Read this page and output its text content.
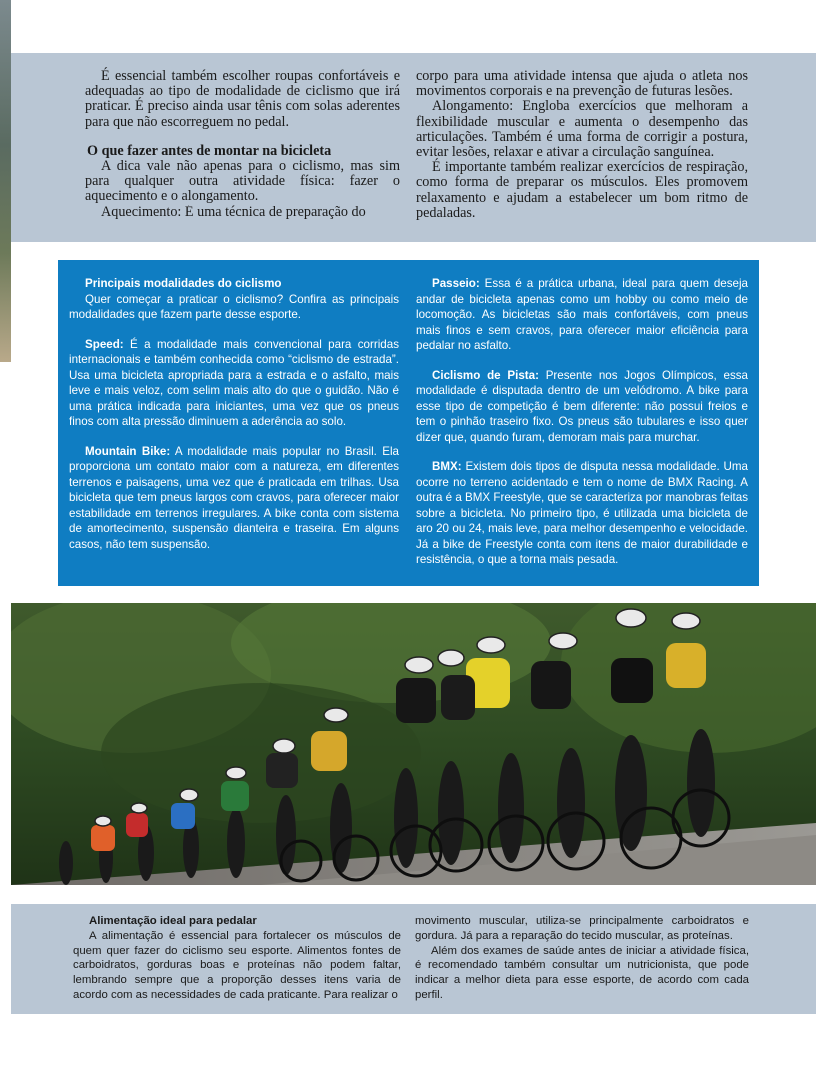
É essencial também escolher roupas confortáveis e adequadas ao tipo de modalidade de ciclismo que irá praticar. É preciso ainda usar tênis com solas aderentes para que não escorreguem no pedal.

O que fazer antes de montar na bicicleta

A dica vale não apenas para o ciclismo, mas sim para qualquer outra atividade física: fazer o aquecimento e o alongamento.

Aquecimento: É uma técnica de preparação do

corpo para uma atividade intensa que ajuda o atleta nos movimentos corporais e na prevenção de futuras lesões.

Alongamento: Engloba exercícios que melhoram a flexibilidade muscular e aumenta o desempenho das articulações. Também é uma forma de corrigir a postura, evitar lesões, relaxar e ativar a circulação sanguínea.

É importante também realizar exercícios de respiração, como forma de preparar os músculos. Eles promovem relaxamento e ajudam a estabelecer um bom ritmo de pedaladas.

Principais modalidades do ciclismo

Quer começar a praticar o ciclismo? Confira as principais modalidades que fazem parte desse esporte.

Speed: É a modalidade mais convencional para corridas internacionais e também conhecida como “ciclismo de estrada”. Usa uma bicicleta apropriada para a estrada e o asfalto, mais leve e mais veloz, com selim mais alto do que o guidão. Não é uma prática indicada para iniciantes, uma vez que os pneus finos com alta pressão diminuem a aderência ao solo.

Mountain Bike: A modalidade mais popular no Brasil. Ela proporciona um contato maior com a natureza, em diferentes terrenos e paisagens, uma vez que é praticada em trilhas. Usa bicicleta que tem pneus largos com cravos, para oferecer maior estabilidade em terrenos irregulares. A bike conta com sistema de amortecimento, suspensão dianteira e traseira. Em alguns casos, não tem suspensão.

Passeio: Essa é a prática urbana, ideal para quem deseja andar de bicicleta apenas como um hobby ou como meio de locomoção. As bicicletas são mais confortáveis, com pneus mais finos e sem cravos, para oferecer maior eficiência para pedalar no asfalto.

Ciclismo de Pista: Presente nos Jogos Olímpicos, essa modalidade é disputada dentro de um velódromo. A bike para esse tipo de competição é bem diferente: não possui freios e tem o pinhão traseiro fixo. Os pneus são tubulares e isso quer dizer que, quando furam, demoram mais para murchar.

BMX: Existem dois tipos de disputa nessa modalidade. Uma ocorre no terreno acidentado e tem o nome de BMX Racing. A outra é a BMX Freestyle, que se caracteriza por manobras feitas sobre a bicicleta. No primeiro tipo, é utilizada uma bicicleta de aro 20 ou 24, mais leve, para melhor desempenho e velocidade. Já a bike de Freestyle conta com itens de maior durabilidade e resistência, o que a torna mais pesada.

Alimentação ideal para pedalar

A alimentação é essencial para fortalecer os músculos de quem quer fazer do ciclismo seu esporte. Alimentos fontes de carboidratos, gorduras boas e proteínas não podem faltar, lembrando sempre que a proporção desses itens varia de acordo com as necessidades de cada praticante. Para realizar o

movimento muscular, utiliza-se principalmente carboidratos e gordura. Já para a reparação do tecido muscular, as proteínas.

Além dos exames de saúde antes de iniciar a atividade física, é recomendado também consultar um nutricionista, que pode indicar a melhor dieta para esse esporte, de acordo com cada perfil.
